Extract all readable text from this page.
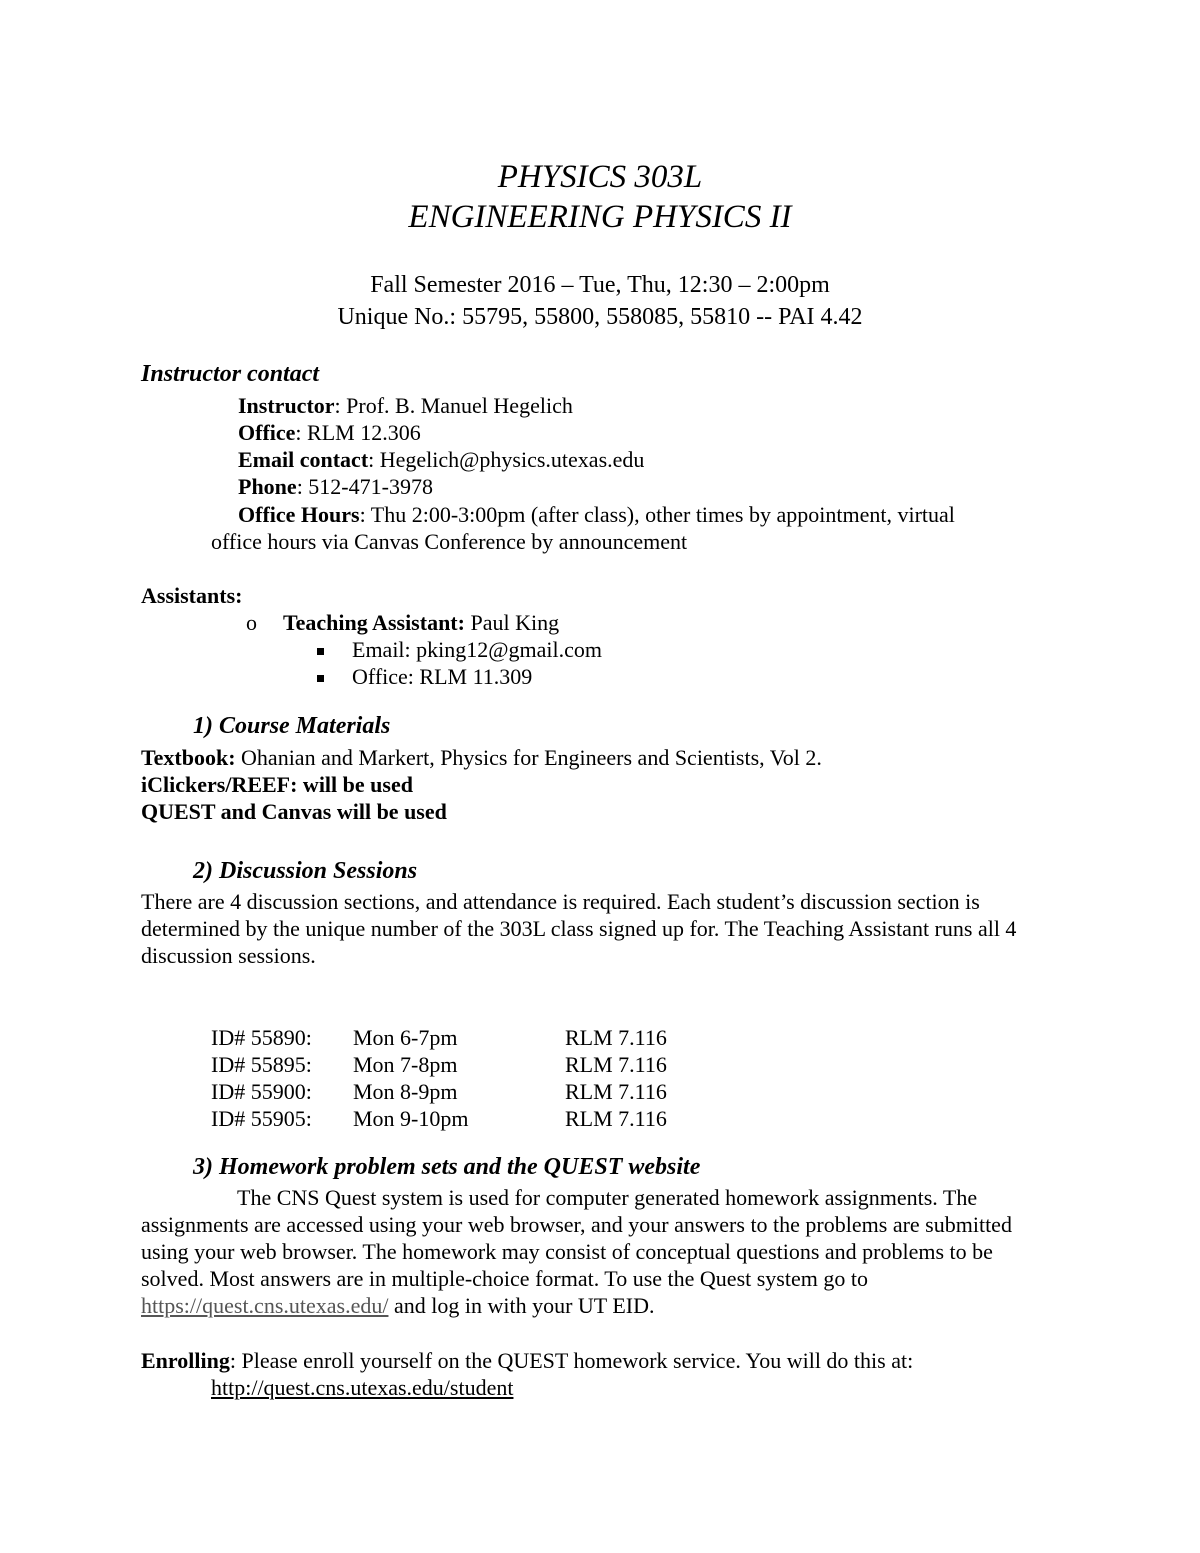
PHYSICS 303L
ENGINEERING PHYSICS II
Fall Semester 2016 – Tue, Thu, 12:30 – 2:00pm
Unique No.: 55795, 55800, 558085, 55810 -- PAI 4.42
Instructor contact
Instructor: Prof. B. Manuel Hegelich
Office: RLM 12.306
Email contact: Hegelich@physics.utexas.edu
Phone: 512-471-3978
Office Hours: Thu 2:00-3:00pm (after class), other times by appointment, virtual
office hours via Canvas Conference by announcement
Assistants:
o Teaching Assistant: Paul King
Email: pking12@gmail.com
Office: RLM 11.309
1) Course Materials
Textbook: Ohanian and Markert, Physics for Engineers and Scientists, Vol 2.
iClickers/REEF: will be used
QUEST and Canvas will be used
2) Discussion Sessions
There are 4 discussion sections, and attendance is required. Each student’s discussion section is determined by the unique number of the 303L class signed up for. The Teaching Assistant runs all 4 discussion sessions.
ID# 55890: Mon 6-7pm	RLM 7.116
ID# 55895: Mon 7-8pm	RLM 7.116
ID# 55900: Mon 8-9pm	RLM 7.116
ID# 55905: Mon 9-10pm	RLM 7.116
3) Homework problem sets and the QUEST website
The CNS Quest system is used for computer generated homework assignments. The assignments are accessed using your web browser, and your answers to the problems are submitted using your web browser. The homework may consist of conceptual questions and problems to be solved. Most answers are in multiple-choice format. To use the Quest system go to https://quest.cns.utexas.edu/ and log in with your UT EID.
Enrolling: Please enroll yourself on the QUEST homework service. You will do this at:
http://quest.cns.utexas.edu/student
